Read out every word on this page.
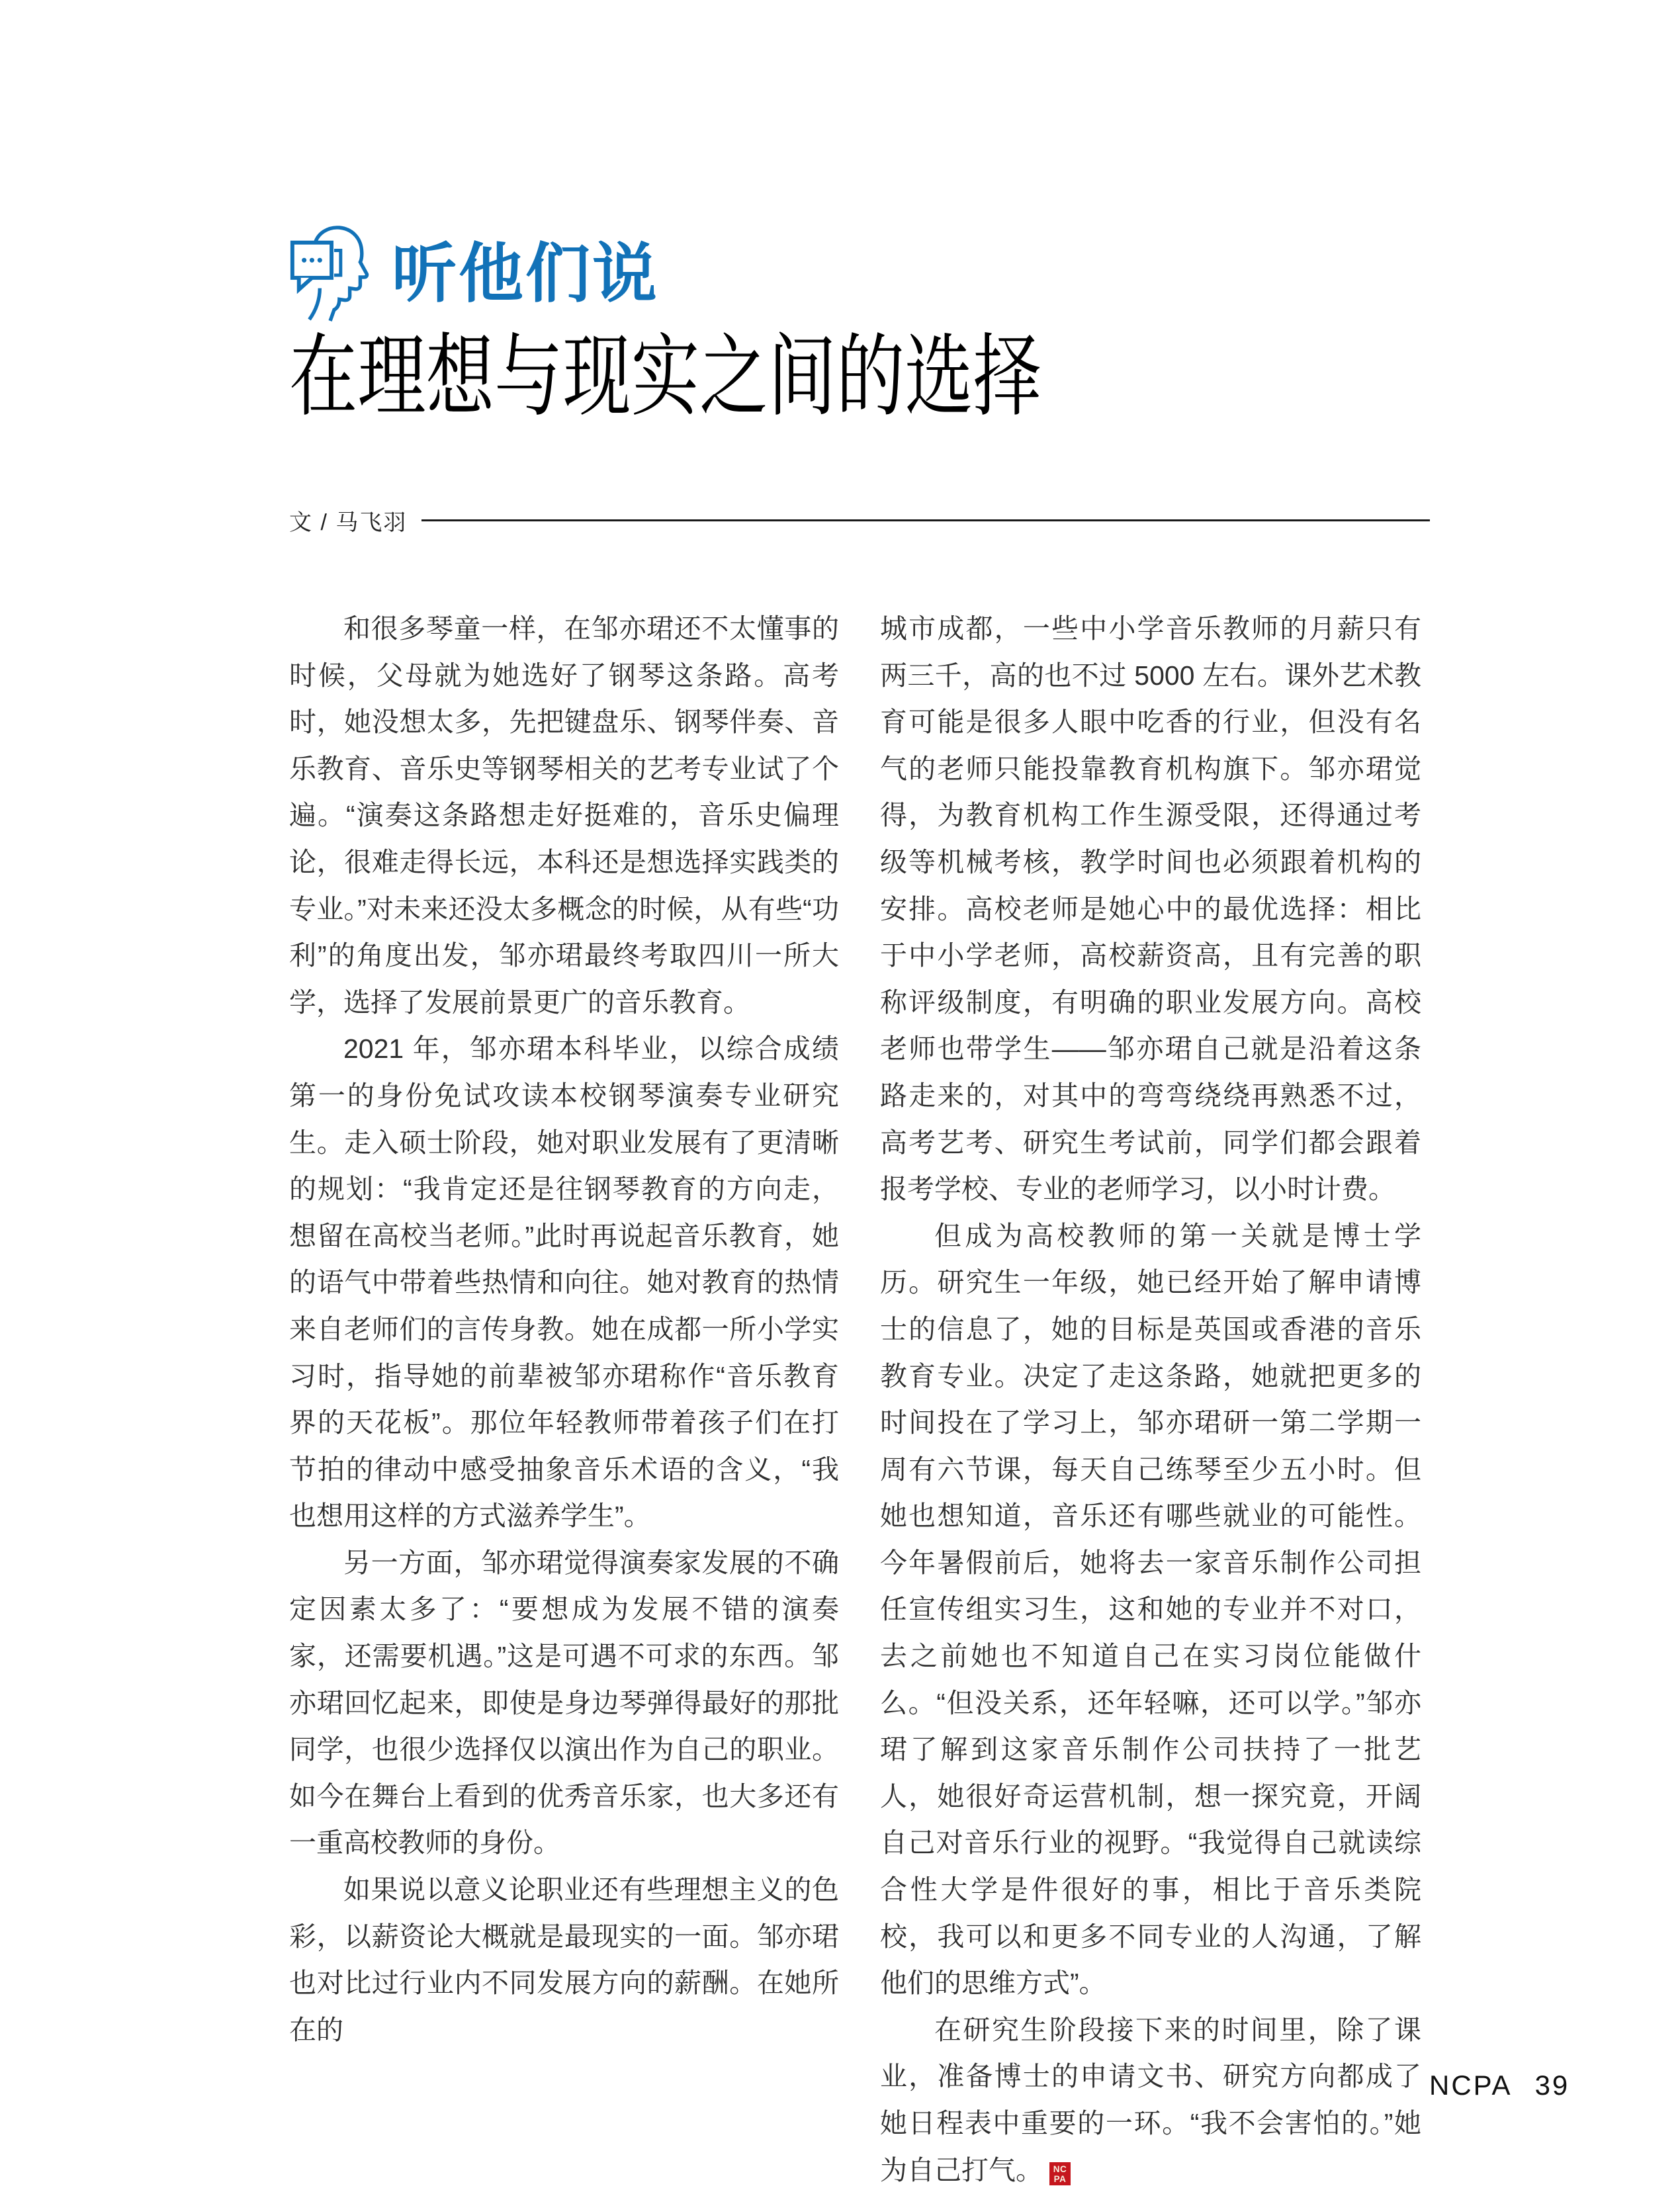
听他们说
在理想与现实之间的选择
文 / 马飞羽

和很多琴童一样，在邹亦珺还不太懂事的时候，父母就为她选好了钢琴这条路。高考时，她没想太多，先把键盘乐、钢琴伴奏、音乐教育、音乐史等钢琴相关的艺考专业试了个遍。“演奏这条路想走好挺难的，音乐史偏理论，很难走得长远，本科还是想选择实践类的专业。”对未来还没太多概念的时候，从有些“功利”的角度出发，邹亦珺最终考取四川一所大学，选择了发展前景更广的音乐教育。

2021 年，邹亦珺本科毕业，以综合成绩第一的身份免试攻读本校钢琴演奏专业研究生。走入硕士阶段，她对职业发展有了更清晰的规划：“我肯定还是往钢琴教育的方向走，想留在高校当老师。”此时再说起音乐教育，她的语气中带着些热情和向往。她对教育的热情来自老师们的言传身教。她在成都一所小学实习时，指导她的前辈被邹亦珺称作“音乐教育界的天花板”。那位年轻教师带着孩子们在打节拍的律动中感受抽象音乐术语的含义，“我也想用这样的方式滋养学生”。

另一方面，邹亦珺觉得演奏家发展的不确定因素太多了：“要想成为发展不错的演奏家，还需要机遇。”这是可遇不可求的东西。邹亦珺回忆起来，即使是身边琴弹得最好的那批同学，也很少选择仅以演出作为自己的职业。如今在舞台上看到的优秀音乐家，也大多还有一重高校教师的身份。

如果说以意义论职业还有些理想主义的色彩，以薪资论大概就是最现实的一面。邹亦珺也对比过行业内不同发展方向的薪酬。在她所在的

城市成都，一些中小学音乐教师的月薪只有两三千，高的也不过 5000 左右。课外艺术教育可能是很多人眼中吃香的行业，但没有名气的老师只能投靠教育机构旗下。邹亦珺觉得，为教育机构工作生源受限，还得通过考级等机械考核，教学时间也必须跟着机构的安排。高校老师是她心中的最优选择：相比于中小学老师，高校薪资高，且有完善的职称评级制度，有明确的职业发展方向。高校老师也带学生——邹亦珺自己就是沿着这条路走来的，对其中的弯弯绕绕再熟悉不过，高考艺考、研究生考试前，同学们都会跟着报考学校、专业的老师学习，以小时计费。

但成为高校教师的第一关就是博士学历。研究生一年级，她已经开始了解申请博士的信息了，她的目标是英国或香港的音乐教育专业。决定了走这条路，她就把更多的时间投在了学习上，邹亦珺研一第二学期一周有六节课，每天自己练琴至少五小时。但她也想知道，音乐还有哪些就业的可能性。今年暑假前后，她将去一家音乐制作公司担任宣传组实习生，这和她的专业并不对口，去之前她也不知道自己在实习岗位能做什么。“但没关系，还年轻嘛，还可以学。”邹亦珺了解到这家音乐制作公司扶持了一批艺人，她很好奇运营机制，想一探究竟，开阔自己对音乐行业的视野。“我觉得自己就读综合性大学是件很好的事，相比于音乐类院校，我可以和更多不同专业的人沟通，了解他们的思维方式”。

在研究生阶段接下来的时间里，除了课业，准备博士的申请文书、研究方向都成了她日程表中重要的一环。“我不会害怕的。”她为自己打气。	NC
PA

NCPA 39
